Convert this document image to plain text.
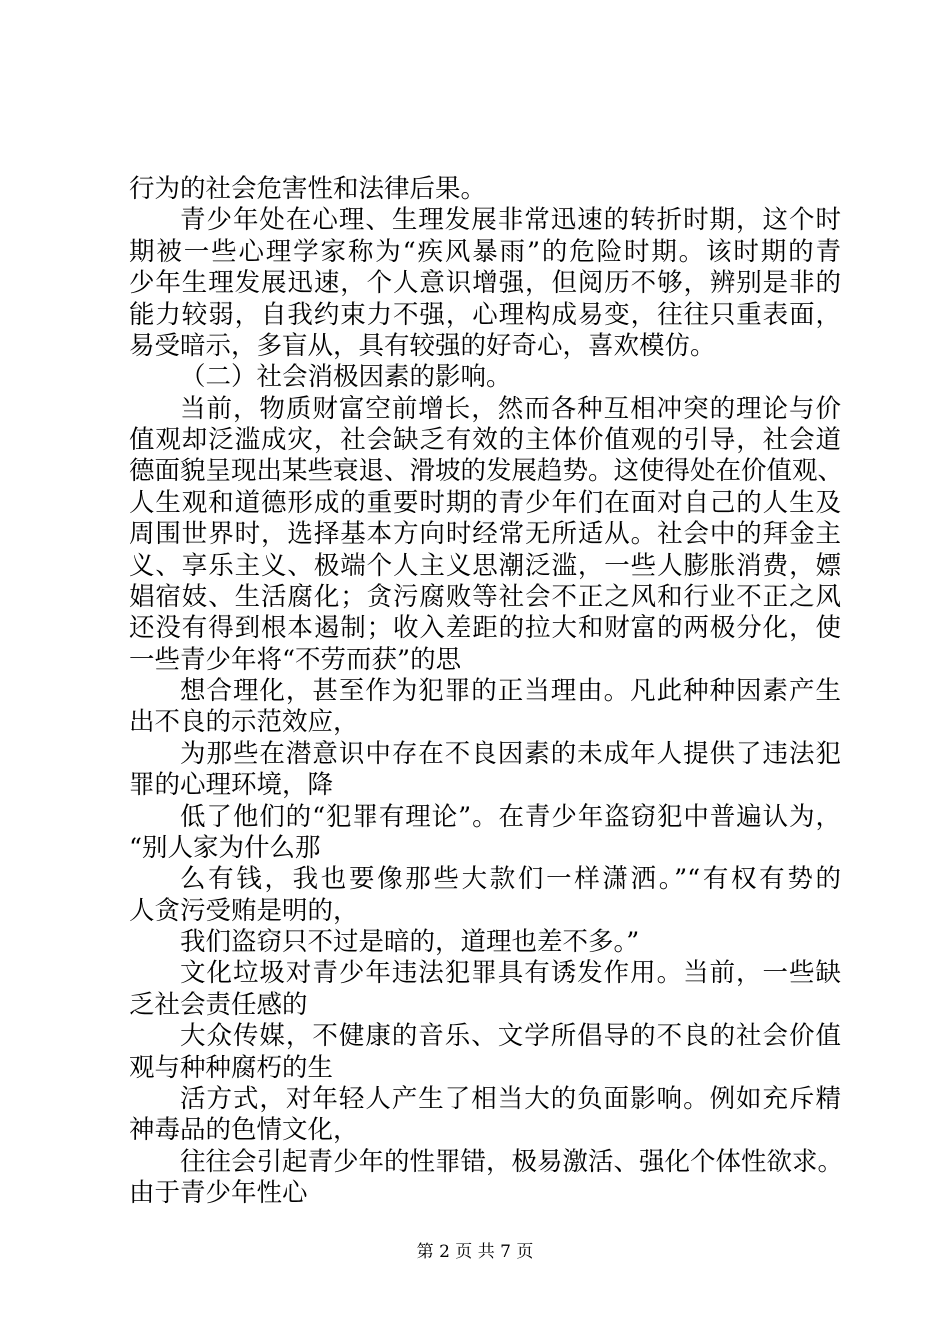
行为的社会危害性和法律后果。
青少年处在心理、生理发展非常迅速的转折时期，这个时
期被一些心理学家称为“疾风暴雨”的危险时期。该时期的青
少年生理发展迅速，个人意识增强，但阅历不够，辨别是非的
能力较弱，自我约束力不强，心理构成易变，往往只重表面，
易受暗示，多盲从，具有较强的好奇心，喜欢模仿。
（二）社会消极因素的影响。
当前，物质财富空前增长，然而各种互相冲突的理论与价
值观却泛滥成灾，社会缺乏有效的主体价值观的引导，社会道
德面貌呈现出某些衰退、滑坡的发展趋势。这使得处在价值观、
人生观和道德形成的重要时期的青少年们在面对自己的人生及
周围世界时，选择基本方向时经常无所适从。社会中的拜金主
义、享乐主义、极端个人主义思潮泛滥，一些人膨胀消费，嫖
娼宿妓、生活腐化；贪污腐败等社会不正之风和行业不正之风
还没有得到根本遏制；收入差距的拉大和财富的两极分化，使
一些青少年将“不劳而获”的思
想合理化，甚至作为犯罪的正当理由。凡此种种因素产生
出不良的示范效应，
为那些在潜意识中存在不良因素的未成年人提供了违法犯
罪的心理环境，降
低了他们的“犯罪有理论”。在青少年盗窃犯中普遍认为，
“别人家为什么那
么有钱，我也要像那些大款们一样潇洒。”“有权有势的
人贪污受贿是明的，
我们盗窃只不过是暗的，道理也差不多。”
文化垃圾对青少年违法犯罪具有诱发作用。当前，一些缺
乏社会责任感的
大众传媒，不健康的音乐、文学所倡导的不良的社会价值
观与种种腐朽的生
活方式，对年轻人产生了相当大的负面影响。例如充斥精
神毒品的色情文化，
往往会引起青少年的性罪错，极易激活、强化个体性欲求。
由于青少年性心
第 2 页 共 7 页
